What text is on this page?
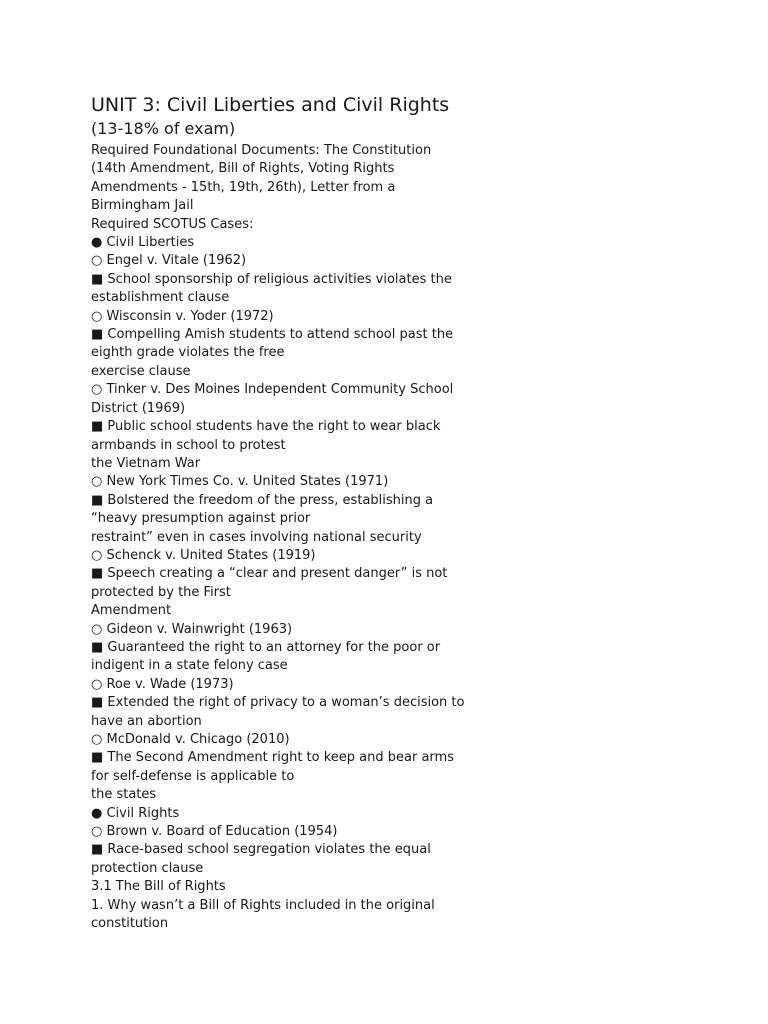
UNIT 3: Civil Liberties and Civil Rights
(13-18% of exam)

Required Foundational Documents: The Constitution

(14th Amendment, Bill of Rights, Voting Rights

Amendments - 15th, 19th, 26th), Letter from a

Birmingham Jail

Required SCOTUS Cases:

● Civil Liberties

○ Engel v. Vitale (1962)

■ School sponsorship of religious activities violates the

establishment clause

○ Wisconsin v. Yoder (1972)

■ Compelling Amish students to attend school past the

eighth grade violates the free

exercise clause

○ Tinker v. Des Moines Independent Community School

District (1969)

■ Public school students have the right to wear black

armbands in school to protest

the Vietnam War

○ New York Times Co. v. United States (1971)

■ Bolstered the freedom of the press, establishing a

“heavy presumption against prior

restraint” even in cases involving national security

○ Schenck v. United States (1919)

■ Speech creating a “clear and present danger” is not

protected by the First

Amendment

○ Gideon v. Wainwright (1963)

■ Guaranteed the right to an attorney for the poor or

indigent in a state felony case

○ Roe v. Wade (1973)

■ Extended the right of privacy to a woman’s decision to

have an abortion

○ McDonald v. Chicago (2010)

■ The Second Amendment right to keep and bear arms

for self-defense is applicable to

the states

● Civil Rights

○ Brown v. Board of Education (1954)

■ Race-based school segregation violates the equal

protection clause

3.1 The Bill of Rights

1. Why wasn’t a Bill of Rights included in the original

constitution
